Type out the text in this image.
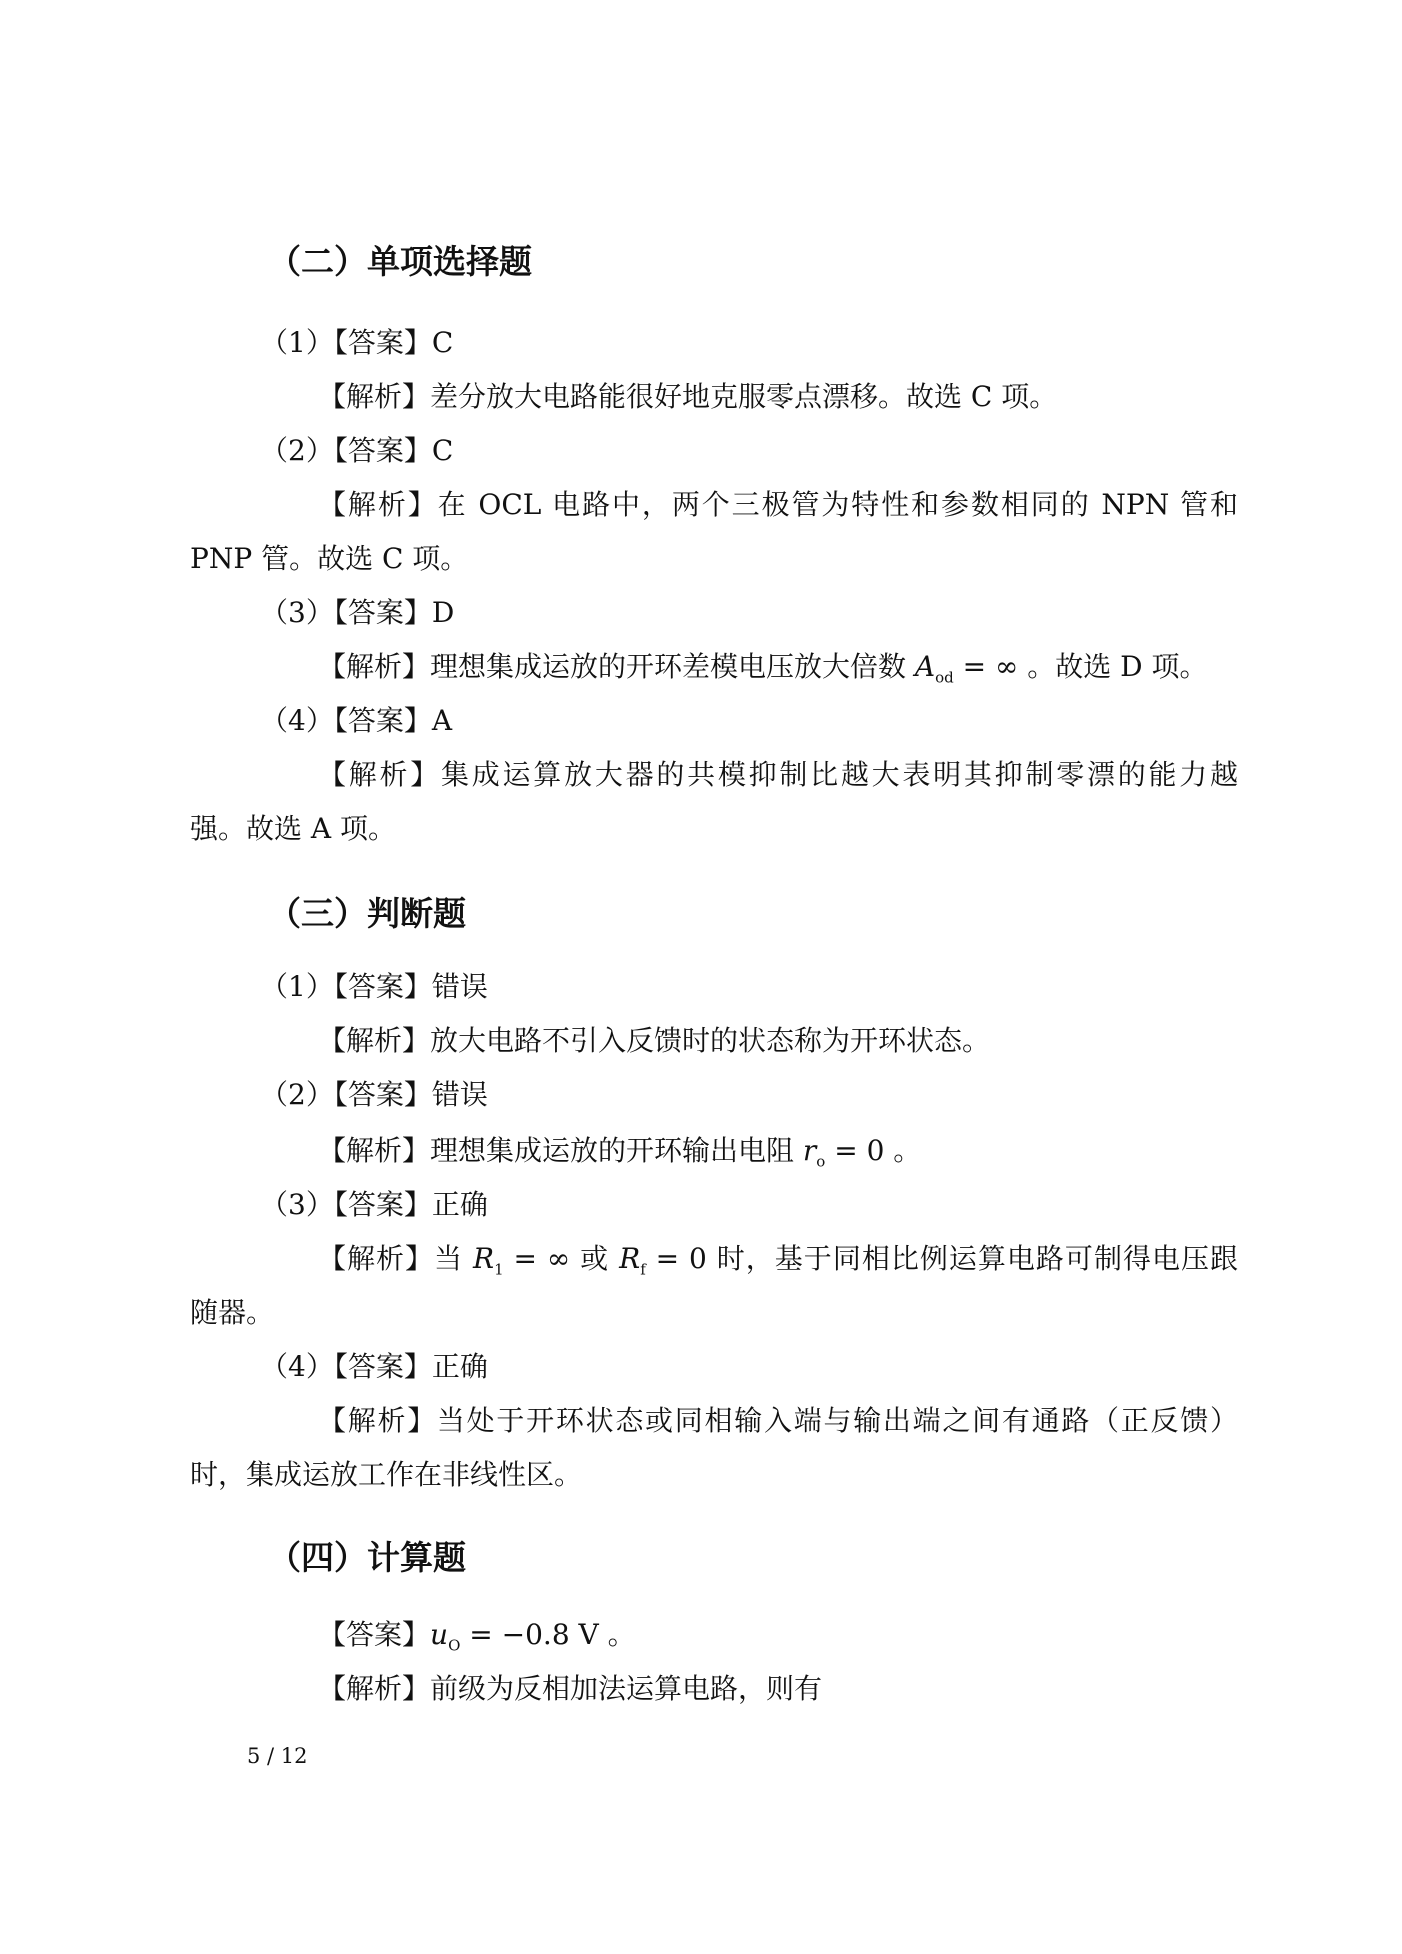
（二）单项选择题
（1）【答案】C
【解析】差分放大电路能很好地克服零点漂移。故选 C 项。
（2）【答案】C
【解析】在 OCL 电路中，两个三极管为特性和参数相同的 NPN 管和
PNP 管。故选 C 项。
（3）【答案】D
【解析】理想集成运放的开环差模电压放大倍数 $A_{od}$ = ∞ 。故选 D 项。
（4）【答案】A
【解析】集成运算放大器的共模抑制比越大表明其抑制零漂的能力越
强。故选 A 项。
（三）判断题
（1）【答案】错误
【解析】放大电路不引入反馈时的状态称为开环状态。
（2）【答案】错误
【解析】理想集成运放的开环输出电阻 $r_o = 0$ 。
（3）【答案】正确
【解析】当 $R_1$ = ∞ 或 $R_f = 0$ 时，基于同相比例运算电路可制得电压跟
随器。
（4）【答案】正确
【解析】当处于开环状态或同相输入端与输出端之间有通路（正反馈）
时，集成运放工作在非线性区。
（四）计算题
【答案】$u_O = -0.8$ V 。
【解析】前级为反相加法运算电路，则有
5 / 12
